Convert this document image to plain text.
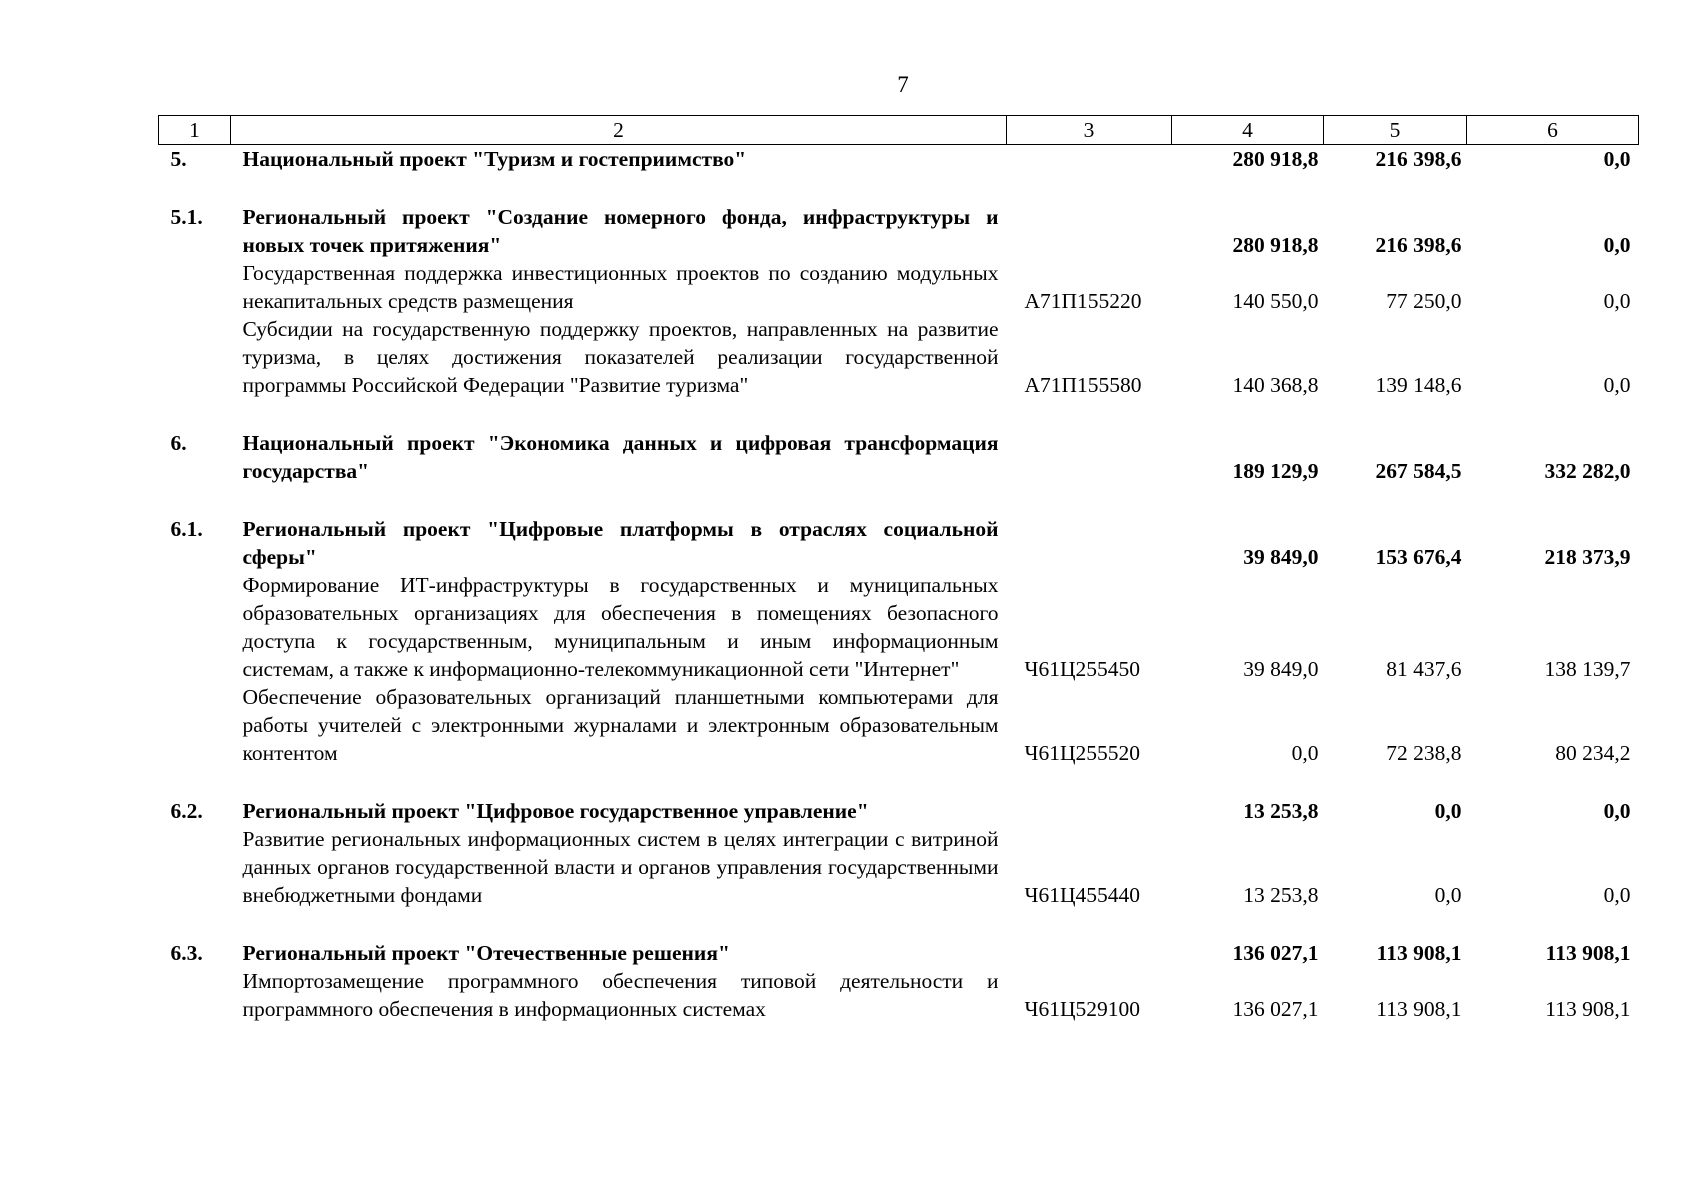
7
1	2	3	4	5	6
5.	Национальный проект "Туризм и гостеприимство"		280 918,8	216 398,6	0,0

5.1.	Региональный проект "Создание номерного фонда, инфраструктуры и новых точек притяжения"		280 918,8	216 398,6	0,0
	Государственная поддержка инвестиционных проектов по созданию модульных некапитальных средств размещения	А71П155220	140 550,0	77 250,0	0,0
	Субсидии на государственную поддержку проектов, направленных на развитие туризма, в целях достижения показателей реализации государственной программы Российской Федерации "Развитие туризма"	А71П155580	140 368,8	139 148,6	0,0

6.	Национальный проект "Экономика данных и цифровая трансформация государства"		189 129,9	267 584,5	332 282,0

6.1.	Региональный проект "Цифровые платформы в отраслях социальной сферы"		39 849,0	153 676,4	218 373,9
	Формирование ИТ-инфраструктуры в государственных и муниципальных образовательных организациях для обеспечения в помещениях безопасного доступа к государственным, муниципальным и иным информационным системам, а также к информационно-телекоммуникационной сети "Интернет"	Ч61Ц255450	39 849,0	81 437,6	138 139,7
	Обеспечение образовательных организаций планшетными компьютерами для работы учителей с электронными журналами и электронным образовательным контентом	Ч61Ц255520	0,0	72 238,8	80 234,2

6.2.	Региональный проект "Цифровое государственное управление"		13 253,8	0,0	0,0
	Развитие региональных информационных систем в целях интеграции с витриной данных органов государственной власти и органов управления государственными внебюджетными фондами	Ч61Ц455440	13 253,8	0,0	0,0

6.3.	Региональный проект "Отечественные решения"		136 027,1	113 908,1	113 908,1
	Импортозамещение программного обеспечения типовой деятельности и программного обеспечения в информационных системах	Ч61Ц529100	136 027,1	113 908,1	113 908,1
